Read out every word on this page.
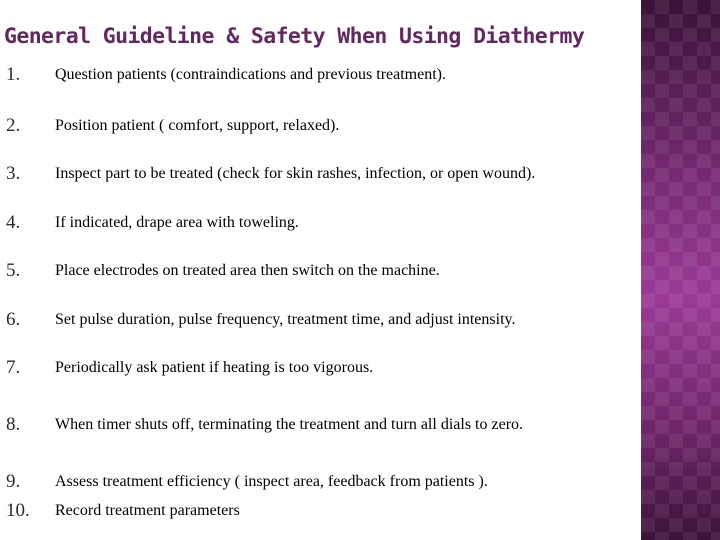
General Guideline & Safety When Using Diathermy
1. Question patients (contraindications and previous treatment).
2. Position patient ( comfort, support, relaxed).
3. Inspect part to be treated (check for skin rashes, infection, or open wound).
4. If indicated, drape area with toweling.
5. Place electrodes on treated area then switch on the machine.
6. Set pulse duration, pulse frequency, treatment time, and adjust intensity.
7. Periodically ask patient if heating is too vigorous.
8. When timer shuts off, terminating the treatment and turn all dials to zero.
9. Assess treatment efficiency ( inspect area, feedback from patients ).
10. Record treatment parameters
